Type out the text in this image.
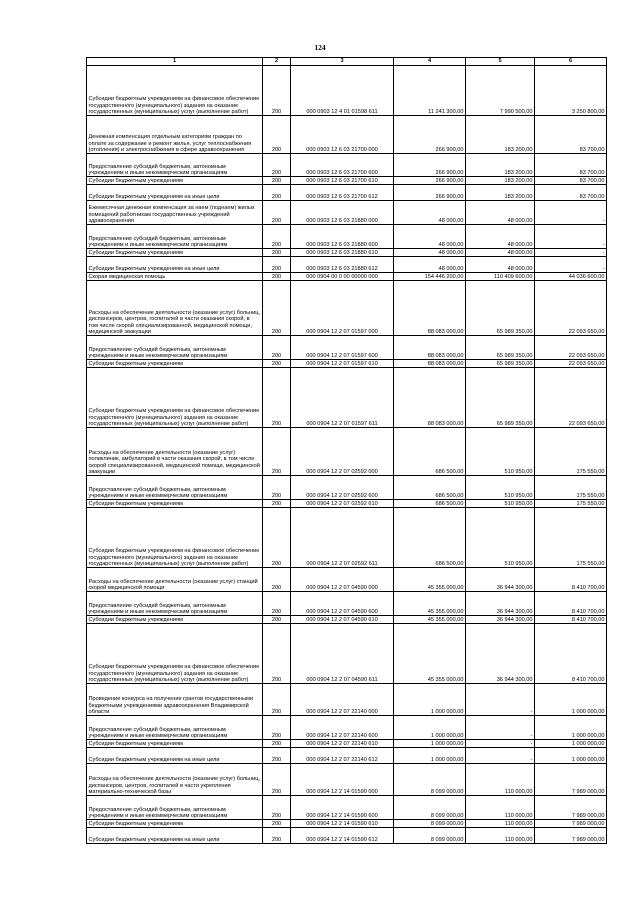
124
1	2	3	4	5	6

Субсидии бюджетным учреждениям на финансовое обеспечение государственного (муниципального) задания на оказание государственных (муниципальных) услуг (выполнение работ)	200	000 0903 12 4 01 01598 611	11 241 300,00	7 990 500,00	3 250 800,00

Денежная компенсация отдельным категориям граждан по оплате за содержание и ремонт жилья, услуг теплоснабжения (отопления) и электроснабжения в сфере здравоохранения	200	000 0903 12 6 03 21700 000	266 900,00	183 200,00	83 700,00

Предоставление субсидий бюджетным, автономным учреждениям и иным некоммерческим организациям	200	000 0903 12 6 03 21700 600	266 900,00	183 200,00	83 700,00

Субсидии бюджетным учреждениям	200	000 0903 12 6 03 21700 610	266 900,00	183 200,00	83 700,00

Субсидии бюджетным учреждениям на иные цели	200	000 0903 12 6 03 21700 612	266 900,00	183 200,00	83 700,00

Ежемесячная денежная компенсация за наем (поднаем) жилых помещений работникам государственных учреждений здравоохранения	200	000 0903 12 6 03 21880 000	48 000,00	48 000,00	-

Предоставление субсидий бюджетным, автономным учреждениям и иным некоммерческим организациям	200	000 0903 12 6 03 21880 600	48 000,00	48 000,00	-

Субсидии бюджетным учреждениям	200	000 0903 12 6 03 21880 610	48 000,00	48 000,00	-

Субсидии бюджетным учреждениям на иные цели	200	000 0903 12 6 03 21880 612	48 000,00	48 000,00	-

Скорая медицинская помощь	200	000 0904 00 0 00 00000 000	154 446 200,00	110 409 600,00	44 036 600,00

Расходы на обеспечение деятельности (оказание услуг) больниц, диспансеров, центров, госпиталей в части оказания скорой, в том числе скорой специализированной, медицинской помощи, медицинской эвакуации	200	000 0904 12 2 07 01597 000	88 083 000,00	65 989 350,00	22 093 650,00

Предоставление субсидий бюджетным, автономным учреждениям и иным некоммерческим организациям	200	000 0904 12 2 07 01597 600	88 083 000,00	65 989 350,00	22 093 650,00

Субсидии бюджетным учреждениям	200	000 0904 12 2 07 01597 610	88 083 000,00	65 989 350,00	22 093 650,00

Субсидии бюджетным учреждениям на финансовое обеспечение государственного (муниципального) задания на оказание государственных (муниципальных) услуг (выполнение работ)	200	000 0904 12 2 07 01597 611	88 083 000,00	65 989 350,00	22 093 650,00

Расходы на обеспечение деятельности (оказание услуг) поликлиник, амбулаторий в части оказания скорой, в том числе скорой специализированной, медицинской помощи, медицинской эвакуации	200	000 0904 12 2 07 02592 000	686 500,00	510 950,00	175 550,00

Предоставление субсидий бюджетным, автономным учреждениям и иным некоммерческим организациям	200	000 0904 12 2 07 02592 600	686 500,00	510 950,00	175 550,00

Субсидии бюджетным учреждениям	200	000 0904 12 2 07 02592 610	686 500,00	510 950,00	175 550,00

Субсидии бюджетным учреждениям на финансовое обеспечение государственного (муниципального) задания на оказание государственных (муниципальных) услуг (выполнение работ)	200	000 0904 12 2 07 02592 611	686 500,00	510 950,00	175 550,00

Расходы на обеспечение деятельности (оказание услуг) станций скорой медицинской помощи	200	000 0904 12 2 07 04590 000	45 355 000,00	36 944 300,00	8 410 700,00

Предоставление субсидий бюджетным, автономным учреждениям и иным некоммерческим организациям	200	000 0904 12 2 07 04590 600	45 355 000,00	36 944 300,00	8 410 700,00

Субсидии бюджетным учреждениям	200	000 0904 12 2 07 04590 610	45 355 000,00	36 944 300,00	8 410 700,00

Субсидии бюджетным учреждениям на финансовое обеспечение государственного (муниципального) задания на оказание государственных (муниципальных) услуг (выполнение работ)	200	000 0904 12 2 07 04590 611	45 355 000,00	36 944 300,00	8 410 700,00

Проведение конкурса на получение грантов государственными бюджетными учреждениями здравоохранения Владимирской области	200	000 0904 12 2 07 22140 000	1 000 000,00	-	1 000 000,00

Предоставление субсидий бюджетным, автономным учреждениям и иным некоммерческим организациям	200	000 0904 12 2 07 22140 600	1 000 000,00	-	1 000 000,00

Субсидии бюджетным учреждениям	200	000 0904 12 2 07 22140 610	1 000 000,00	-	1 000 000,00

Субсидии бюджетным учреждениям на иные цели	200	000 0904 12 2 07 22140 612	1 000 000,00	-	1 000 000,00

Расходы на обеспечение деятельности (оказание услуг) больниц, диспансеров, центров, госпиталей в части укрепления материально-технической базы	200	000 0904 12 2 14 01590 000	8 099 000,00	110 000,00	7 989 000,00

Предоставление субсидий бюджетным, автономным учреждениям и иным некоммерческим организациям	200	000 0904 12 2 14 01590 600	8 099 000,00	110 000,00	7 989 000,00

Субсидии бюджетным учреждениям	200	000 0904 12 2 14 01590 610	8 099 000,00	110 000,00	7 989 000,00

Субсидии бюджетным учреждениям на иные цели	200	000 0904 12 2 14 01590 612	8 099 000,00	110 000,00	7 989 000,00
